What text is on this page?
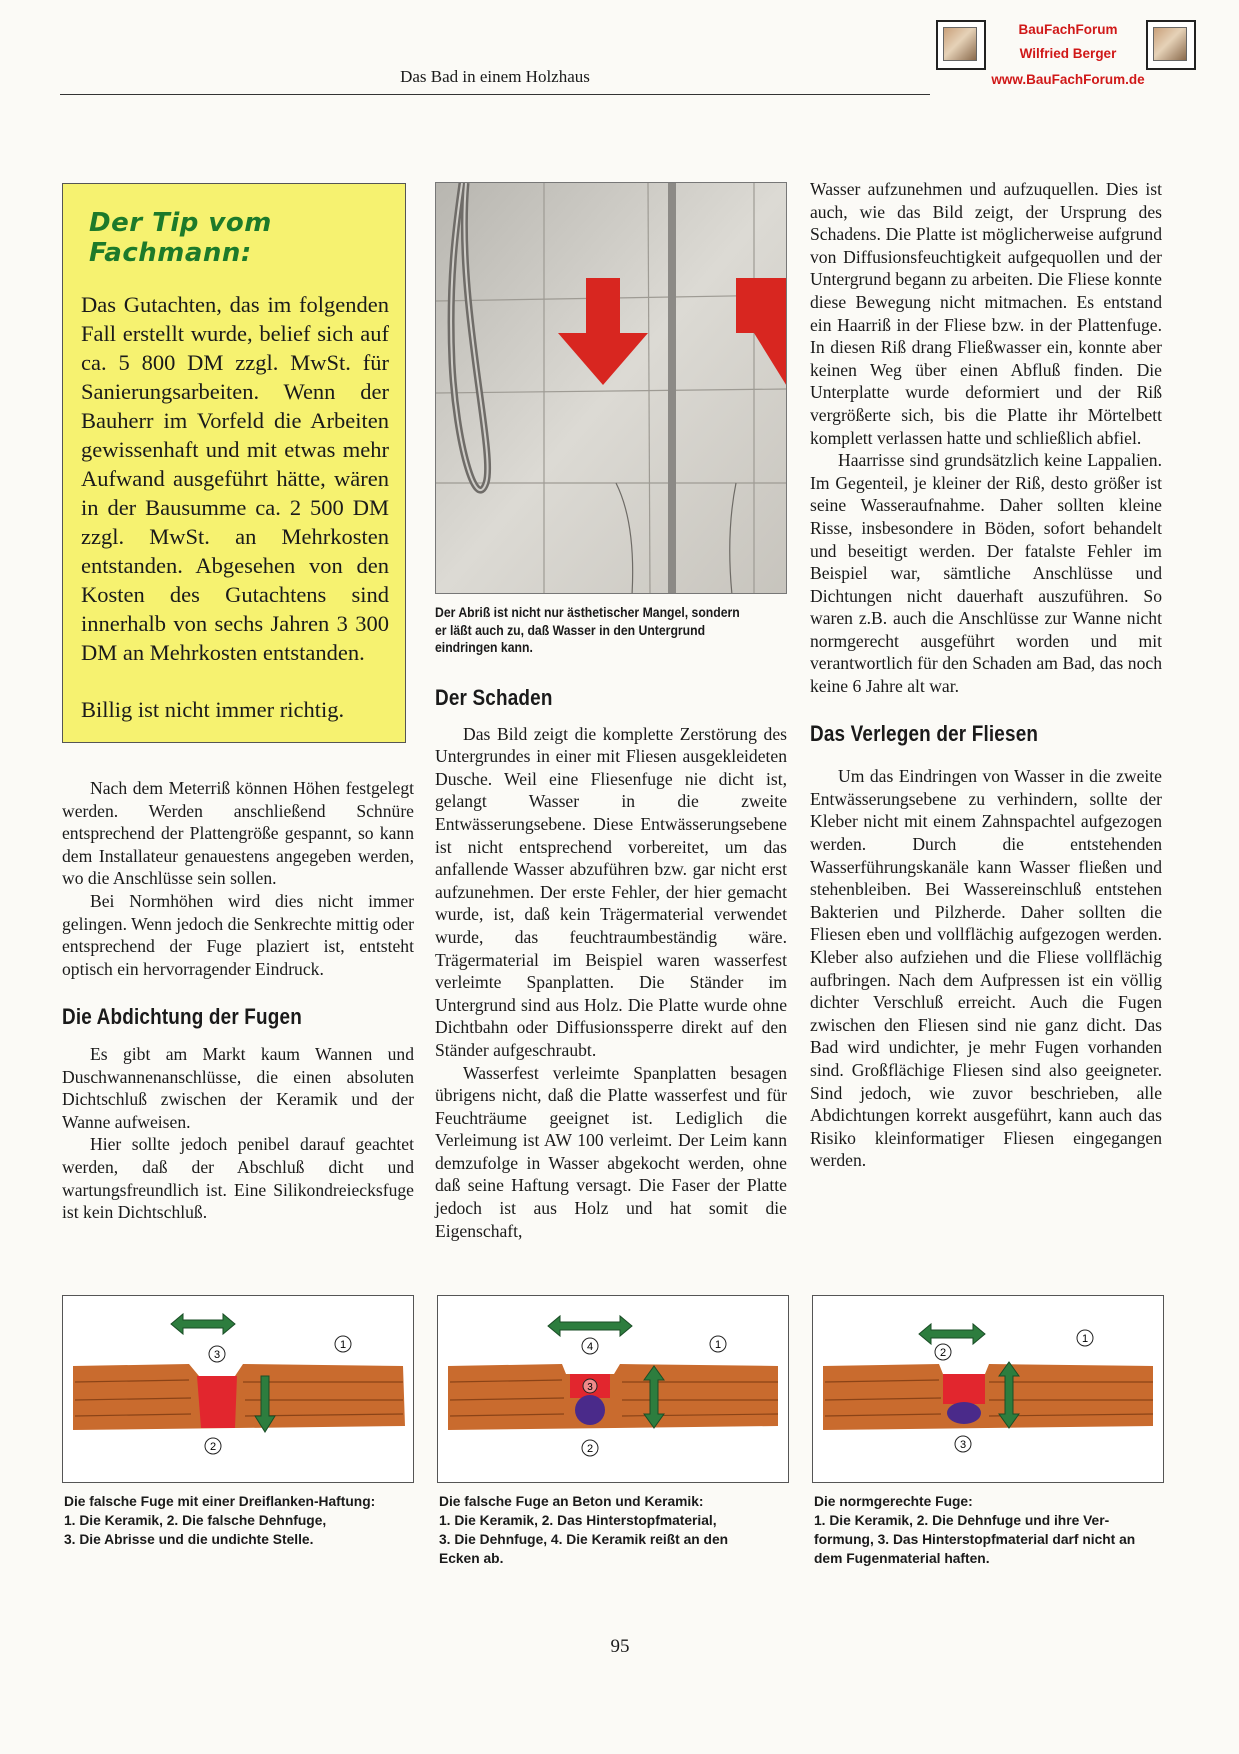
Das Bad in einem Holzhaus
BauFachForum
Wilfried Berger
www.BauFachForum.de
Der Tip vom Fachmann:

Das Gutachten, das im folgenden Fall erstellt wurde, belief sich auf ca. 5 800 DM zzgl. MwSt. für Sanierungsarbeiten. Wenn der Bauherr im Vorfeld die Arbeiten gewissenhaft und mit etwas mehr Aufwand ausgeführt hätte, wären in der Bausumme ca. 2 500 DM zzgl. MwSt. an Mehrkosten entstanden. Abgesehen von den Kosten des Gutachtens sind innerhalb von sechs Jahren 3 300 DM an Mehrkosten entstanden.

Billig ist nicht immer richtig.

Nach dem Meterriß können Höhen festgelegt werden. Werden anschließend Schnüre entsprechend der Plattengröße gespannt, so kann dem Installateur genauestens angegeben werden, wo die Anschlüsse sein sollen.

Bei Normhöhen wird dies nicht immer gelingen. Wenn jedoch die Senkrechte mittig oder entsprechend der Fuge plaziert ist, entsteht optisch ein hervorragender Eindruck.

Die Abdichtung der Fugen

Es gibt am Markt kaum Wannen und Duschwannenanschlüsse, die einen absoluten Dichtschluß zwischen der Keramik und der Wanne aufweisen.

Hier sollte jedoch penibel darauf geachtet werden, daß der Abschluß dicht und wartungsfreundlich ist. Eine Silikondreiecksfuge ist kein Dichtschluß.

Der Abriß ist nicht nur ästhetischer Mangel, sondern er läßt auch zu, daß Wasser in den Untergrund eindringen kann.
Der Schaden

Das Bild zeigt die komplette Zerstörung des Untergrundes in einer mit Fliesen ausgekleideten Dusche. Weil eine Fliesenfuge nie dicht ist, gelangt Wasser in die zweite Entwässerungsebene. Diese Entwässerungsebene ist nicht entsprechend vorbereitet, um das anfallende Wasser abzuführen bzw. gar nicht erst aufzunehmen. Der erste Fehler, der hier gemacht wurde, ist, daß kein Trägermaterial verwendet wurde, das feuchtraumbeständig wäre. Trägermaterial im Beispiel waren wasserfest verleimte Spanplatten. Die Ständer im Untergrund sind aus Holz. Die Platte wurde ohne Dichtbahn oder Diffusionssperre direkt auf den Ständer aufgeschraubt.

Wasserfest verleimte Spanplatten besagen übrigens nicht, daß die Platte wasserfest und für Feuchträume geeignet ist. Lediglich die Verleimung ist AW 100 verleimt. Der Leim kann demzufolge in Wasser abgekocht werden, ohne daß seine Haftung versagt. Die Faser der Platte jedoch ist aus Holz und hat somit die Eigenschaft,

Wasser aufzunehmen und aufzuquellen. Dies ist auch, wie das Bild zeigt, der Ursprung des Schadens. Die Platte ist möglicherweise aufgrund von Diffusionsfeuchtigkeit aufgequollen und der Untergrund begann zu arbeiten. Die Fliese konnte diese Bewegung nicht mitmachen. Es entstand ein Haarriß in der Fliese bzw. in der Plattenfuge. In diesen Riß drang Fließwasser ein, konnte aber keinen Weg über einen Abfluß finden. Die Unterplatte wurde deformiert und der Riß vergrößerte sich, bis die Platte ihr Mörtelbett komplett verlassen hatte und schließlich abfiel.

Haarrisse sind grundsätzlich keine Lappalien. Im Gegenteil, je kleiner der Riß, desto größer ist seine Wasseraufnahme. Daher sollten kleine Risse, insbesondere in Böden, sofort behandelt und beseitigt werden. Der fatalste Fehler im Beispiel war, sämtliche Anschlüsse und Dichtungen nicht dauerhaft auszuführen. So waren z.B. auch die Anschlüsse zur Wanne nicht normgerecht ausgeführt worden und mit verantwortlich für den Schaden am Bad, das noch keine 6 Jahre alt war.

Das Verlegen der Fliesen

Um das Eindringen von Wasser in die zweite Entwässerungsebene zu verhindern, sollte der Kleber nicht mit einem Zahnspachtel aufgezogen werden. Durch die entstehenden Wasserführungskanäle kann Wasser fließen und stehenbleiben. Bei Wassereinschluß entstehen Bakterien und Pilzherde. Daher sollten die Fliesen eben und vollflächig aufgezogen werden. Kleber also aufziehen und die Fliese vollflächig aufbringen. Nach dem Aufpressen ist ein völlig dichter Verschluß erreicht. Auch die Fugen zwischen den Fliesen sind nie ganz dicht. Das Bad wird undichter, je mehr Fugen vorhanden sind. Großflächige Fliesen sind also geeigneter. Sind jedoch, wie zuvor beschrieben, alle Abdichtungen korrekt ausgeführt, kann auch das Risiko kleinformatiger Fliesen eingegangen werden.

3
1
2
Die falsche Fuge mit einer Dreiflanken-Haftung:
1. Die Keramik, 2. Die falsche Dehnfuge,
3. Die Abrisse und die undichte Stelle.
4	1
3
2
Die falsche Fuge an Beton und Keramik:
1. Die Keramik, 2. Das Hinterstopfmaterial,
3. Die Dehnfuge, 4. Die Keramik reißt an den
Ecken ab.
2
1
3
Die normgerechte Fuge:
1. Die Keramik, 2. Die Dehnfuge und ihre Ver-
formung, 3. Das Hinterstopfmaterial darf nicht an
dem Fugenmaterial haften.
95
